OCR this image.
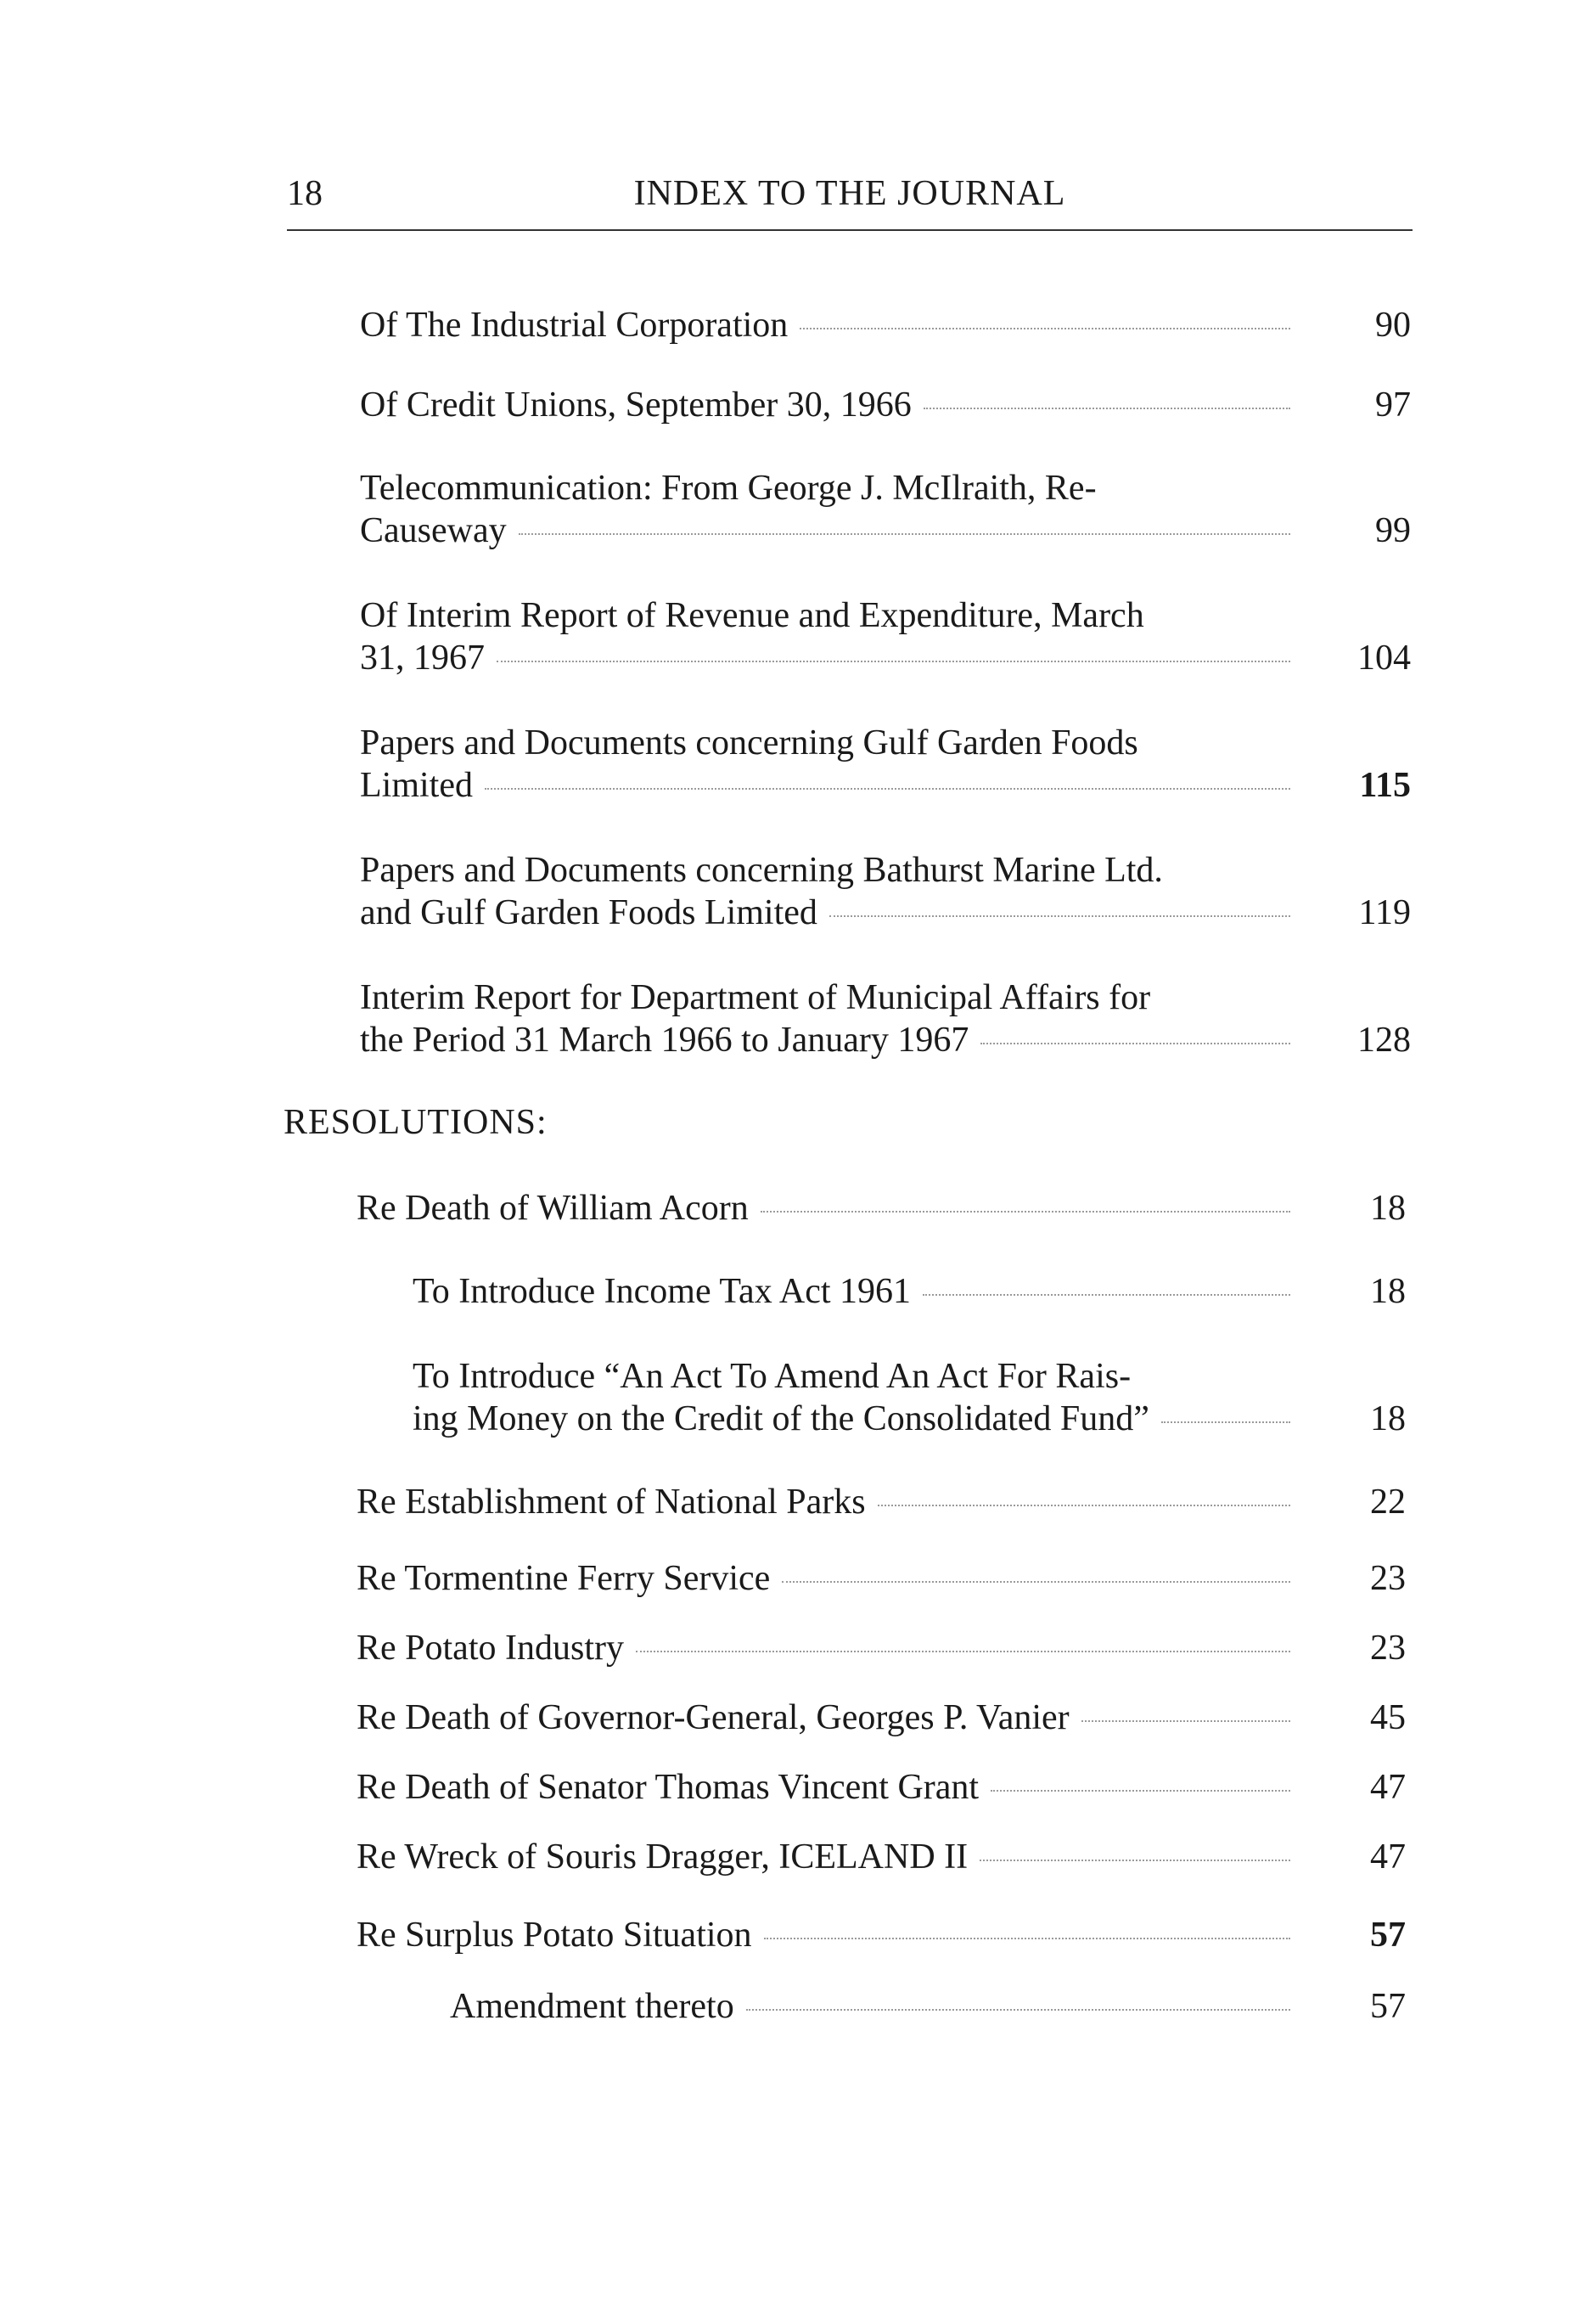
18	INDEX TO THE JOURNAL
Of The Industrial Corporation	90
Of Credit Unions, September 30, 1966	97
Telecommunication: From George J. McIlraith, Re-
Causeway	99
Of Interim Report of Revenue and Expenditure, March
31, 1967	104
Papers and Documents concerning Gulf Garden Foods
Limited	115
Papers and Documents concerning Bathurst Marine Ltd.
and Gulf Garden Foods Limited	119
Interim Report for Department of Municipal Affairs for
the Period 31 March 1966 to January 1967	128
RESOLUTIONS:
Re Death of William Acorn	18
To Introduce Income Tax Act 1961	18
To Introduce “An Act To Amend An Act For Rais-
ing Money on the Credit of the Consolidated Fund”	18
Re Establishment of National Parks	22
Re Tormentine Ferry Service	23
Re Potato Industry	23
Re Death of Governor-General, Georges P. Vanier	45
Re Death of Senator Thomas Vincent Grant	47
Re Wreck of Souris Dragger, ICELAND II	47
Re Surplus Potato Situation	57
Amendment thereto	57
